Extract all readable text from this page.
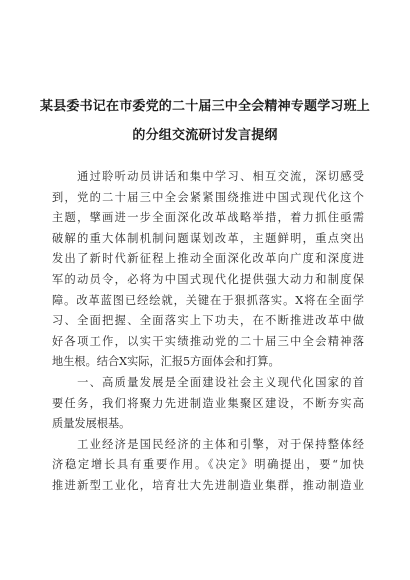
某县委书记在市委党的二十届三中全会精神专题学习班上
的分组交流研讨发言提纲
　　通过聆听动员讲话和集中学习、相互交流，深切感受
到，党的二十届三中全会紧紧围绕推进中国式现代化这个
主题，擘画进一步全面深化改革战略举措，着力抓住亟需
破解的重大体制机制问题谋划改革，主题鲜明，重点突出
发出了新时代新征程上推动全面深化改革向广度和深度进
军的动员令，必将为中国式现代化提供强大动力和制度保
障。改革蓝图已经绘就，关键在于狠抓落实。X将在全面学
习、全面把握、全面落实上下功夫，在不断推进改革中做
好各项工作，以实干实绩推动党的二十届三中全会精神落
地生根。结合X实际，汇报5方面体会和打算。
　　一、高质量发展是全面建设社会主义现代化国家的首
要任务，我们将聚力先进制造业集聚区建设，不断夯实高
质量发展根基。
　　工业经济是国民经济的主体和引擎，对于保持整体经
济稳定增长具有重要作用。《决定》明确提出，要“加快
推进新型工业化，培育壮大先进制造业集群，推动制造业
